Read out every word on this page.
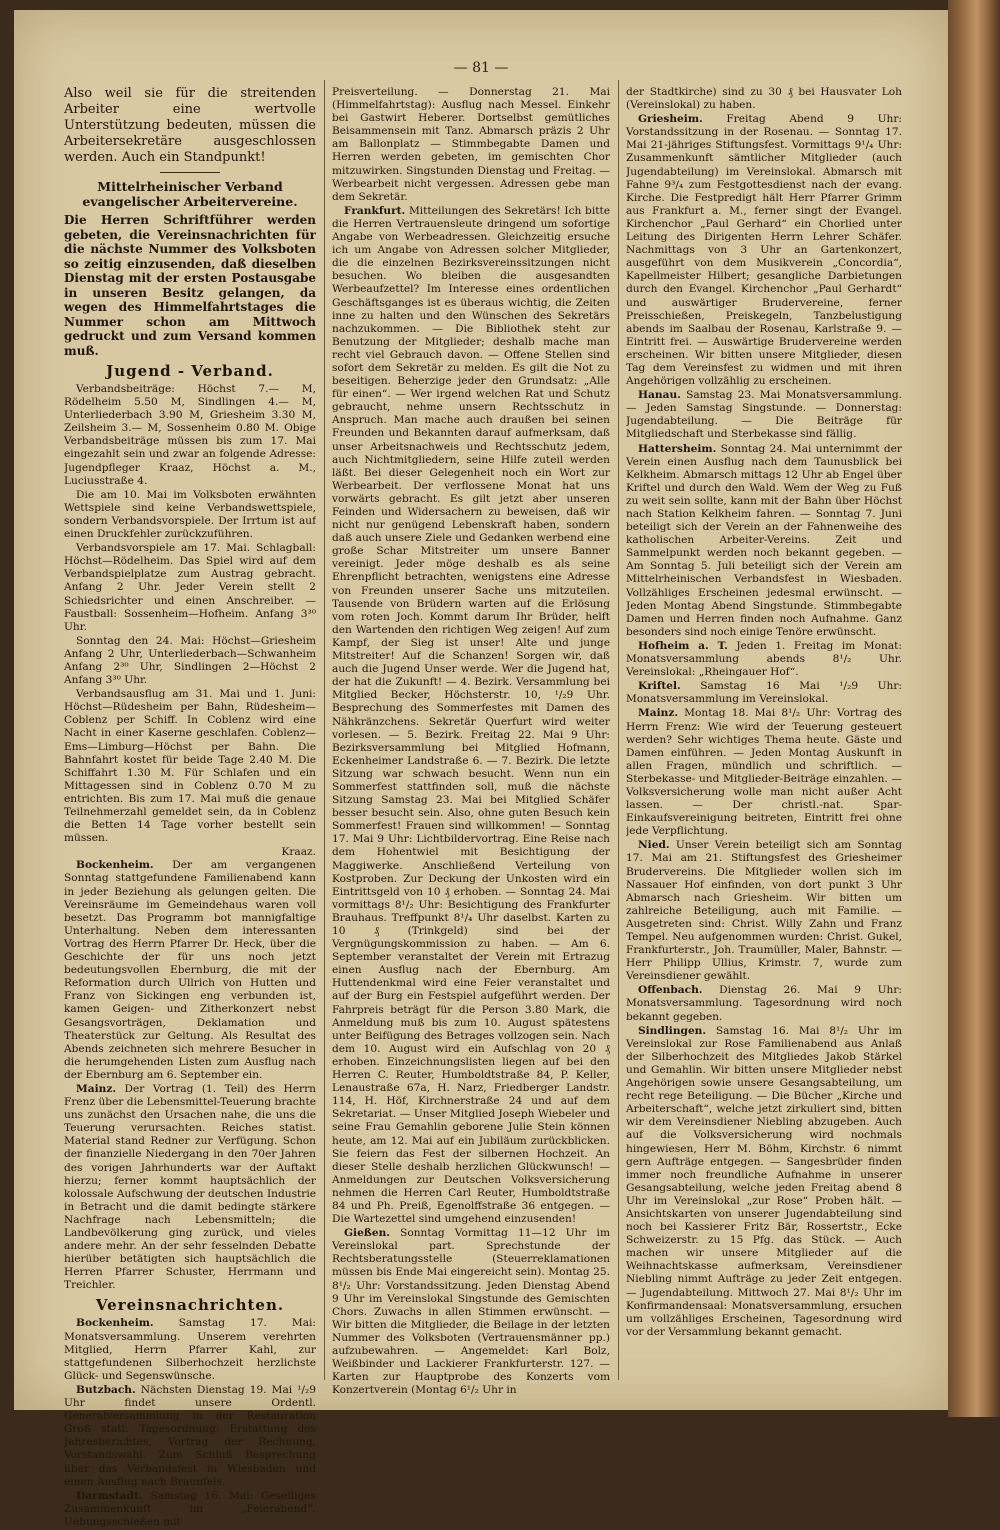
— 81 —

Also weil sie für die streitenden Arbeiter eine wertvolle Unterstützung bedeuten, müssen die Arbeitersekretäre ausgeschlossen werden. Auch ein Standpunkt!

Mittelrheinischer Verband evangelischer Arbeitervereine.
Die Herren Schriftführer werden gebeten, die Vereinsnachrichten für die nächste Nummer des Volksboten so zeitig einzusenden, daß dieselben Dienstag mit der ersten Postausgabe in unseren Besitz gelangen, da wegen des Himmelfahrtstages die Nummer schon am Mittwoch gedruckt und zum Versand kommen muß.
Jugend - Verband.

Verbandsbeiträge: Höchst 7.— M, Rödelheim 5.50 M, Sindlingen 4.— M, Unterliederbach 3.90 M, Griesheim 3.30 M, Zeilsheim 3.— M, Sossenheim 0.80 M. Obige Verbandsbeiträge müssen bis zum 17. Mai eingezahlt sein und zwar an folgende Adresse: Jugendpfleger Kraaz, Höchst a. M., Luciusstraße 4.

Die am 10. Mai im Volksboten erwähnten Wettspiele sind keine Verbandswettspiele, sondern Verbandsvorspiele. Der Irrtum ist auf einen Druckfehler zurückzuführen.

Verbandsvorspiele am 17. Mai. Schlagball: Höchst—Rödelheim. Das Spiel wird auf dem Verbandspielplatze zum Austrag gebracht. Anfang 2 Uhr. Jeder Verein stellt 2 Schiedsrichter und einen Anschreiber. — Faustball: Sossenheim—Hofheim. Anfang 3³⁰ Uhr.

Sonntag den 24. Mai: Höchst—Griesheim Anfang 2 Uhr, Unterliederbach—Schwanheim Anfang 2³⁰ Uhr, Sindlingen 2—Höchst 2 Anfang 3³⁰ Uhr.

Verbandsausflug am 31. Mai und 1. Juni: Höchst—Rüdesheim per Bahn, Rüdesheim—Coblenz per Schiff. In Coblenz wird eine Nacht in einer Kaserne geschlafen. Coblenz—Ems—Limburg—Höchst per Bahn. Die Bahnfahrt kostet für beide Tage 2.40 M. Die Schiffahrt 1.30 M. Für Schlafen und ein Mittagessen sind in Coblenz 0.70 M zu entrichten. Bis zum 17. Mai muß die genaue Teilnehmerzahl gemeldet sein, da in Coblenz die Betten 14 Tage vorher bestellt sein müssen.

Kraaz.

Bockenheim. Der am vergangenen Sonntag stattgefundene Familienabend kann in jeder Beziehung als gelungen gelten. Die Vereinsräume im Gemeindehaus waren voll besetzt. Das Programm bot mannigfaltige Unterhaltung. Neben dem interessanten Vortrag des Herrn Pfarrer Dr. Heck, über die Geschichte der für uns noch jetzt bedeutungsvollen Ebernburg, die mit der Reformation durch Ullrich von Hutten und Franz von Sickingen eng verbunden ist, kamen Geigen- und Zitherkonzert nebst Gesangsvorträgen, Deklamation und Theaterstück zur Geltung. Als Resultat des Abends zeichneten sich mehrere Besucher in die herumgehenden Listen zum Ausflug nach der Ebernburg am 6. September ein.

Mainz. Der Vortrag (1. Teil) des Herrn Frenz über die Lebensmittel-Teuerung brachte uns zunächst den Ursachen nahe, die uns die Teuerung verursachten. Reiches statist. Material stand Redner zur Verfügung. Schon der finanzielle Niedergang in den 70er Jahren des vorigen Jahrhunderts war der Auftakt hierzu; ferner kommt hauptsächlich der kolossale Aufschwung der deutschen Industrie in Betracht und die damit bedingte stärkere Nachfrage nach Lebensmitteln; die Landbevölkerung ging zurück, und vieles andere mehr. An der sehr fesselnden Debatte hierüber betätigten sich hauptsächlich die Herren Pfarrer Schuster, Herrmann und Treichler.

Vereinsnachrichten.

Bockenheim. Samstag 17. Mai: Monatsversammlung. Unserem verehrten Mitglied, Herrn Pfarrer Kahl, zur stattgefundenen Silberhochzeit herzlichste Glück- und Segenswünsche.

Butzbach. Nächsten Dienstag 19. Mai ¹/₂9 Uhr findet unsere Ordentl. Generalversammlung in der Restauration Groß statt. Tagesordnung: Erstattung des Jahresberichtes, Vortrag der Rechnung, Vorstandswahl. Zum Schluß Besprechung über das Verbandsfest in Wiesbaden und einen Ausflug nach Braunfels.

Darmstadt. Samstag 16. Mai: Geselliges Zusammenkunft im „Feierabend“. Uebungsschießen mit

Preisverteilung. — Donnerstag 21. Mai (Himmelfahrtstag): Ausflug nach Messel. Einkehr bei Gastwirt Heberer. Dortselbst gemütliches Beisammensein mit Tanz. Abmarsch präzis 2 Uhr am Ballonplatz — Stimmbegabte Damen und Herren werden gebeten, im gemischten Chor mitzuwirken. Singstunden Dienstag und Freitag. — Werbearbeit nicht vergessen. Adressen gebe man dem Sekretär.

Frankfurt. Mitteilungen des Sekretärs! Ich bitte die Herren Vertrauensleute dringend um sofortige Angabe von Werbeadressen. Gleichzeitig ersuche ich um Angabe von Adressen solcher Mitglieder, die die einzelnen Bezirksvereinssitzungen nicht besuchen. Wo bleiben die ausgesandten Werbeaufzettel? Im Interesse eines ordentlichen Geschäftsganges ist es überaus wichtig, die Zeiten inne zu halten und den Wünschen des Sekretärs nachzukommen. — Die Bibliothek steht zur Benutzung der Mitglieder; deshalb mache man recht viel Gebrauch davon. — Offene Stellen sind sofort dem Sekretär zu melden. Es gilt die Not zu beseitigen. Beherzige jeder den Grundsatz: „Alle für einen“. — Wer irgend welchen Rat und Schutz gebraucht, nehme unsern Rechtsschutz in Anspruch. Man mache auch draußen bei seinen Freunden und Bekannten darauf aufmerksam, daß unser Arbeitsnachweis und Rechtsschutz jedem, auch Nichtmitgliedern, seine Hilfe zuteil werden läßt. Bei dieser Gelegenheit noch ein Wort zur Werbearbeit. Der verflossene Monat hat uns vorwärts gebracht. Es gilt jetzt aber unseren Feinden und Widersachern zu beweisen, daß wir nicht nur genügend Lebenskraft haben, sondern daß auch unsere Ziele und Gedanken werbend eine große Schar Mitstreiter um unsere Banner vereinigt. Jeder möge deshalb es als seine Ehrenpflicht betrachten, wenigstens eine Adresse von Freunden unserer Sache uns mitzuteilen. Tausende von Brüdern warten auf die Erlösung vom roten Joch. Kommt darum Ihr Brüder, helft den Wartenden den richtigen Weg zeigen! Auf zum Kampf, der Sieg ist unser! Alte und junge Mitstreiter! Auf die Schanzen! Sorgen wir, daß auch die Jugend Unser werde. Wer die Jugend hat, der hat die Zukunft! — 4. Bezirk. Versammlung bei Mitglied Becker, Höchsterstr. 10, ¹/₂9 Uhr. Besprechung des Sommerfestes mit Damen des Nähkränzchens. Sekretär Querfurt wird weiter vorlesen. — 5. Bezirk. Freitag 22. Mai 9 Uhr: Bezirksversammlung bei Mitglied Hofmann, Eckenheimer Landstraße 6. — 7. Bezirk. Die letzte Sitzung war schwach besucht. Wenn nun ein Sommerfest stattfinden soll, muß die nächste Sitzung Samstag 23. Mai bei Mitglied Schäfer besser besucht sein. Also, ohne guten Besuch kein Sommerfest! Frauen sind willkommen! — Sonntag 17. Mai 9 Uhr: Lichtbildervortrag. Eine Reise nach dem Hohentwiel mit Besichtigung der Maggiwerke. Anschließend Verteilung von Kostproben. Zur Deckung der Unkosten wird ein Eintrittsgeld von 10 ₰ erhoben. — Sonntag 24. Mai vormittags 8¹/₂ Uhr: Besichtigung des Frankfurter Brauhaus. Treffpunkt 8¹/₄ Uhr daselbst. Karten zu 10 ₰ (Trinkgeld) sind bei der Vergnügungskommission zu haben. — Am 6. September veranstaltet der Verein mit Ertrazug einen Ausflug nach der Ebernburg. Am Huttendenkmal wird eine Feier veranstaltet und auf der Burg ein Festspiel aufgeführt werden. Der Fahrpreis beträgt für die Person 3.80 Mark, die Anmeldung muß bis zum 10. August spätestens unter Beifügung des Betrages vollzogen sein. Nach dem 10. August wird ein Aufschlag von 20 ₰ erhoben. Einzeichnungslisten liegen auf bei den Herren C. Reuter, Humboldtstraße 84, P. Keller, Lenaustraße 67a, H. Narz, Friedberger Landstr. 114, H. Höf, Kirchnerstraße 24 und auf dem Sekretariat. — Unser Mitglied Joseph Wiebeler und seine Frau Gemahlin geborene Julie Stein können heute, am 12. Mai auf ein Jubiläum zurückblicken. Sie feiern das Fest der silbernen Hochzeit. An dieser Stelle deshalb herzlichen Glückwunsch! — Anmeldungen zur Deutschen Volksversicherung nehmen die Herren Carl Reuter, Humboldtstraße 84 und Ph. Preiß, Egenolffstraße 36 entgegen. — Die Wartezettel sind umgehend einzusenden!

Gießen. Sonntag Vormittag 11—12 Uhr im Vereinslokal part. Sprechstunde der Rechtsberatungsstelle (Steuerreklamationen müssen bis Ende Mai eingereicht sein). Montag 25. 8¹/₂ Uhr: Vorstandssitzung. Jeden Dienstag Abend 9 Uhr im Vereinslokal Singstunde des Gemischten Chors. Zuwachs in allen Stimmen erwünscht. — Wir bitten die Mitglieder, die Beilage in der letzten Nummer des Volksboten (Vertrauensmänner pp.) aufzubewahren. — Angemeldet: Karl Bolz, Weißbinder und Lackierer Frankfurterstr. 127. — Karten zur Hauptprobe des Konzerts vom Konzertverein (Montag 6¹/₂ Uhr in

der Stadtkirche) sind zu 30 ₰ bei Hausvater Loh (Vereinslokal) zu haben.

Griesheim. Freitag Abend 9 Uhr: Vorstandssitzung in der Rosenau. — Sonntag 17. Mai 21-jähriges Stiftungsfest. Vormittags 9¹/₄ Uhr: Zusammenkunft sämtlicher Mitglieder (auch Jugendabteilung) im Vereinslokal. Abmarsch mit Fahne 9³/₄ zum Festgottesdienst nach der evang. Kirche. Die Festpredigt hält Herr Pfarrer Grimm aus Frankfurt a. M., ferner singt der Evangel. Kirchenchor „Paul Gerhard“ ein Chorlied unter Leitung des Dirigenten Herrn Lehrer Schäfer. Nachmittags von 3 Uhr an Gartenkonzert, ausgeführt von dem Musikverein „Concordia“, Kapellmeister Hilbert; gesangliche Darbietungen durch den Evangel. Kirchenchor „Paul Gerhardt“ und auswärtiger Brudervereine, ferner Preisschießen, Preiskegeln, Tanzbelustigung abends im Saalbau der Rosenau, Karlstraße 9. — Eintritt frei. — Auswärtige Brudervereine werden erscheinen. Wir bitten unsere Mitglieder, diesen Tag dem Vereinsfest zu widmen und mit ihren Angehörigen vollzählig zu erscheinen.

Hanau. Samstag 23. Mai Monatsversammlung. — Jeden Samstag Singstunde. — Donnerstag: Jugendabteilung. — Die Beiträge für Mitgliedschaft und Sterbekasse sind fällig.

Hattersheim. Sonntag 24. Mai unternimmt der Verein einen Ausflug nach dem Taunusblick bei Kelkheim. Abmarsch mittags 12 Uhr ab Engel über Kriftel und durch den Wald. Wem der Weg zu Fuß zu weit sein sollte, kann mit der Bahn über Höchst nach Station Kelkheim fahren. — Sonntag 7. Juni beteiligt sich der Verein an der Fahnenweihe des katholischen Arbeiter-Vereins. Zeit und Sammelpunkt werden noch bekannt gegeben. — Am Sonntag 5. Juli beteiligt sich der Verein am Mittelrheinischen Verbandsfest in Wiesbaden. Vollzähliges Erscheinen jedesmal erwünscht. — Jeden Montag Abend Singstunde. Stimmbegabte Damen und Herren finden noch Aufnahme. Ganz besonders sind noch einige Tenöre erwünscht.

Hofheim a. T. Jeden 1. Freitag im Monat: Monatsversammlung abends 8¹/₂ Uhr. Vereinslokal: „Rheingauer Hof“.

Kriftel. Samstag 16 Mai ¹/₂9 Uhr: Monatsversammlung im Vereinslokal.

Mainz. Montag 18. Mai 8¹/₂ Uhr: Vortrag des Herrn Frenz: Wie wird der Teuerung gesteuert werden? Sehr wichtiges Thema heute. Gäste und Damen einführen. — Jeden Montag Auskunft in allen Fragen, mündlich und schriftlich. — Sterbekasse- und Mitglieder-Beiträge einzahlen. — Volksversicherung wolle man nicht außer Acht lassen. — Der christl.-nat. Spar-Einkaufsvereinigung beitreten, Eintritt frei ohne jede Verpflichtung.

Nied. Unser Verein beteiligt sich am Sonntag 17. Mai am 21. Stiftungsfest des Griesheimer Brudervereins. Die Mitglieder wollen sich im Nassauer Hof einfinden, von dort punkt 3 Uhr Abmarsch nach Griesheim. Wir bitten um zahlreiche Beteiligung, auch mit Familie. — Ausgetreten sind: Christ. Willy Zahn und Franz Tempel. Neu aufgenommen wurden: Christ. Gukel, Frankfurterstr., Joh. Traumüller, Maler, Bahnstr. — Herr Philipp Ullius, Krimstr. 7, wurde zum Vereinsdiener gewählt.

Offenbach. Dienstag 26. Mai 9 Uhr: Monatsversammlung. Tagesordnung wird noch bekannt gegeben.

Sindlingen. Samstag 16. Mai 8¹/₂ Uhr im Vereinslokal zur Rose Familienabend aus Anlaß der Silberhochzeit des Mitgliedes Jakob Stärkel und Gemahlin. Wir bitten unsere Mitglieder nebst Angehörigen sowie unsere Gesangsabteilung, um recht rege Beteiligung. — Die Bücher „Kirche und Arbeiterschaft“, welche jetzt zirkuliert sind, bitten wir dem Vereinsdiener Niebling abzugeben. Auch auf die Volksversicherung wird nochmals hingewiesen, Herr M. Böhm, Kirchstr. 6 nimmt gern Aufträge entgegen. — Sangesbrüder finden immer noch freundliche Aufnahme in unserer Gesangsabteilung, welche jeden Freitag abend 8 Uhr im Vereinslokal „zur Rose“ Proben hält. — Ansichtskarten von unserer Jugendabteilung sind noch bei Kassierer Fritz Bär, Rossertstr., Ecke Schweizerstr. zu 15 Pfg. das Stück. — Auch machen wir unsere Mitglieder auf die Weihnachtskasse aufmerksam, Vereinsdiener Niebling nimmt Aufträge zu jeder Zeit entgegen. — Jugendabteilung. Mittwoch 27. Mai 8¹/₂ Uhr im Konfirmandensaal: Monatsversammlung, ersuchen um vollzähliges Erscheinen, Tagesordnung wird vor der Versammlung bekannt gemacht.
